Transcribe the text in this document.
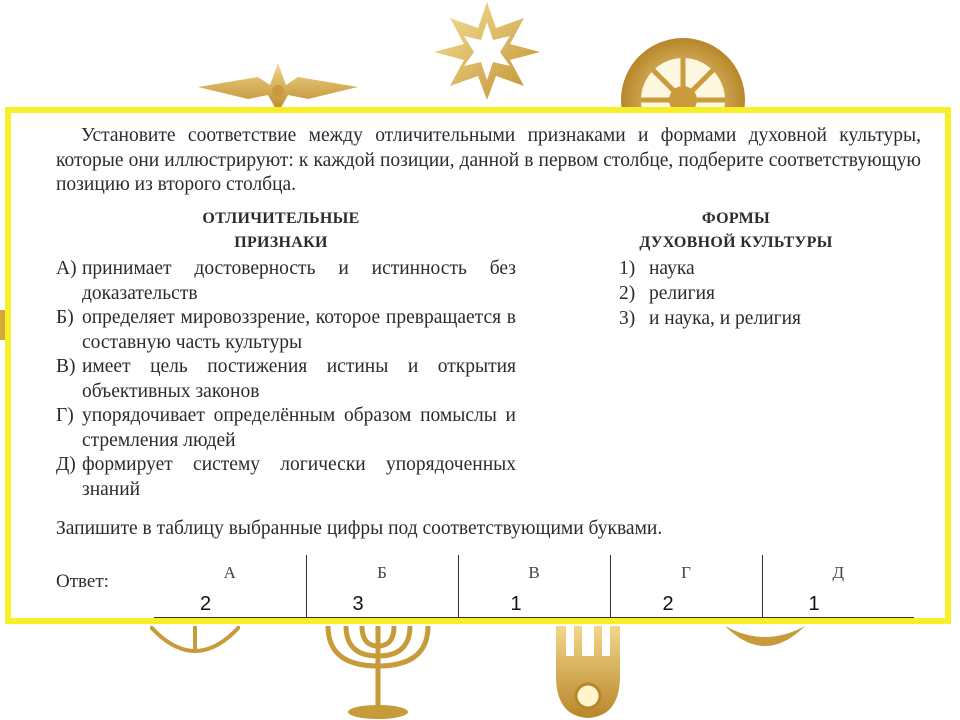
Установите соответствие между отличительными признаками и формами духовной культуры, которые они иллюстрируют: к каждой позиции, данной в первом столбце, подберите соответствующую позицию из второго столбца.
ОТЛИЧИТЕЛЬНЫЕ
ПРИЗНАКИ
ФОРМЫ
ДУХОВНОЙ КУЛЬТУРЫ
А) принимает достоверность и истинность без доказательств
Б) определяет мировоззрение, которое превращается в составную часть культуры
В) имеет цель постижения истины и открытия объективных законов
Г) упорядочивает определённым образом помыслы и стремления людей
Д) формирует систему логически упорядоченных знаний
1) наука
2) религия
3) и наука, и религия
Запишите в таблицу выбранные цифры под соответствующими буквами.
Ответ:	А	Б	В	Г	Д
2	3	1	2	1
